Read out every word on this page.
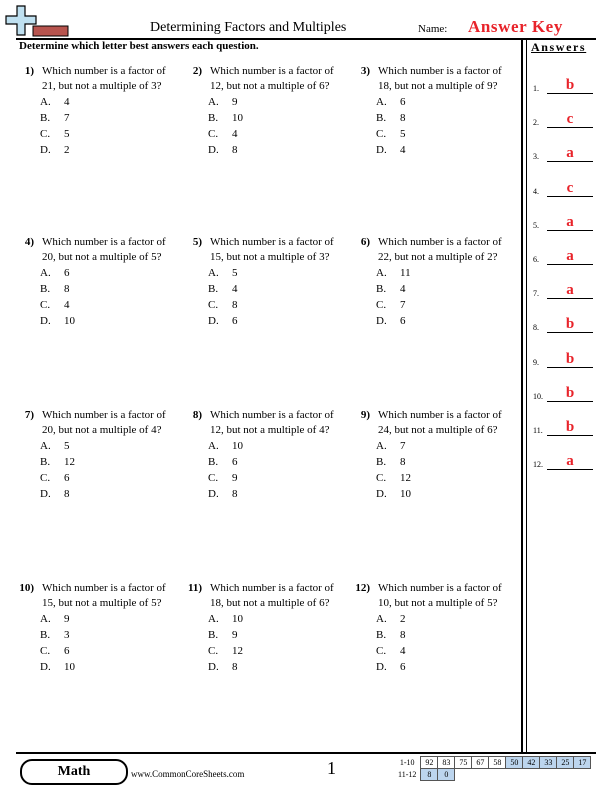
Determining Factors and Multiples	Name: Answer Key
Determine which letter best answers each question.	Answers
1) Which number is a factor of 21, but not a multiple of 3?
A. 4
B. 7
C. 5
D. 2
2) Which number is a factor of 12, but not a multiple of 6?
A. 9
B. 10
C. 4
D. 8
3) Which number is a factor of 18, but not a multiple of 9?
A. 6
B. 8
C. 5
D. 4
4) Which number is a factor of 20, but not a multiple of 5?
A. 6
B. 8
C. 4
D. 10
5) Which number is a factor of 15, but not a multiple of 3?
A. 5
B. 4
C. 8
D. 6
6) Which number is a factor of 22, but not a multiple of 2?
A. 11
B. 4
C. 7
D. 6
7) Which number is a factor of 20, but not a multiple of 4?
A. 5
B. 12
C. 6
D. 8
8) Which number is a factor of 12, but not a multiple of 4?
A. 10
B. 6
C. 9
D. 8
9) Which number is a factor of 24, but not a multiple of 6?
A. 7
B. 8
C. 12
D. 10
10) Which number is a factor of 15, but not a multiple of 5?
A. 9
B. 3
C. 6
D. 10
11) Which number is a factor of 18, but not a multiple of 6?
A. 10
B. 9
C. 12
D. 8
12) Which number is a factor of 10, but not a multiple of 5?
A. 2
B. 8
C. 4
D. 6
1.	b
2.	c
3.	a
4.	c
5.	a
6.	a
7.	a
8.	b
9.	b
10.	b
11.	b
12.	a
Math	www.CommonCoreSheets.com	1	1-10	92	83	75	67	58	50	42	33	25	17
11-12	8	0								
